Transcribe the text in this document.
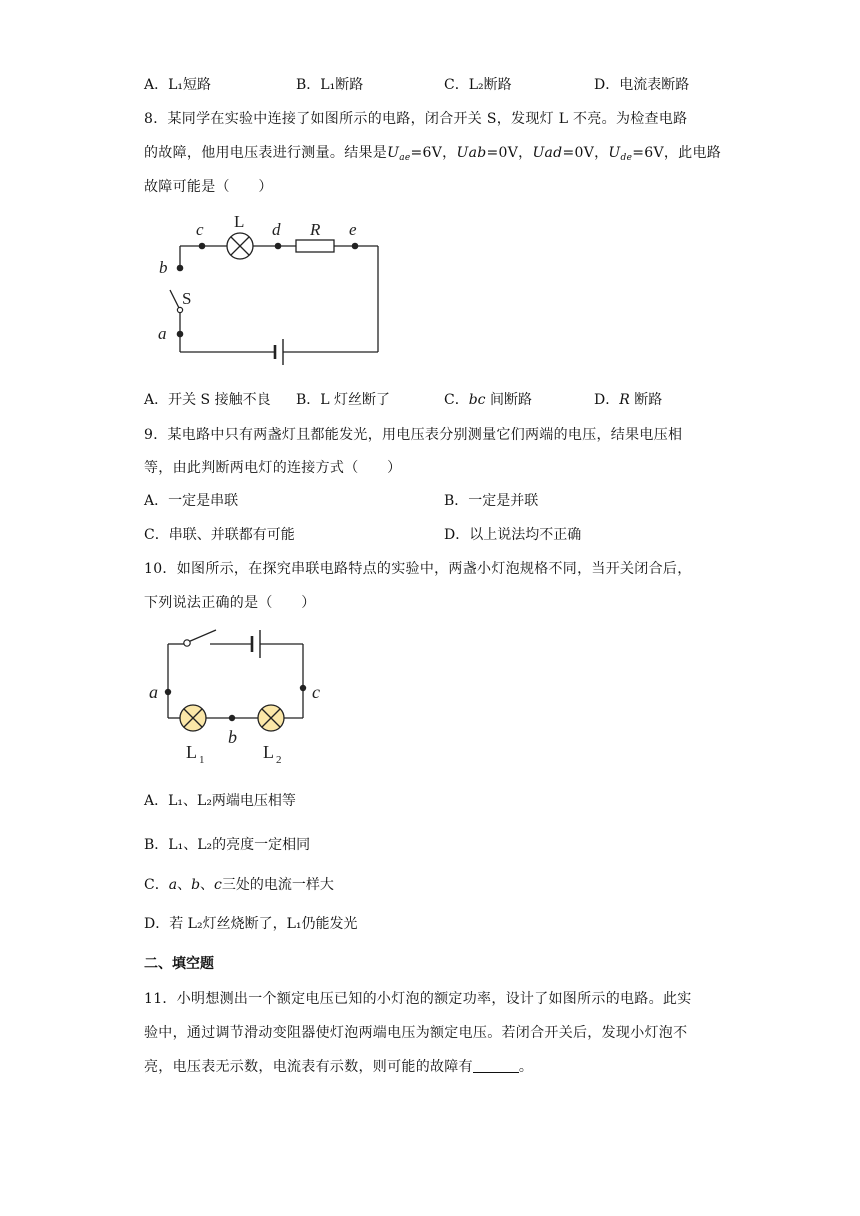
A．L₁短路	B．L₁断路	C．L₂断路	D．电流表断路
8．某同学在实验中连接了如图所示的电路，闭合开关 S，发现灯 L 不亮。为检查电路
的故障，他用电压表进行测量。结果是$U_{ae}=6V$，Uab=0V，Uad=0V，$U_{de}=6V$，此电路
故障可能是（　　）
c L d R e
b
S
a
A．开关 S 接触不良 B．L 灯丝断了	C．bc 间断路	D．R 断路
9．某电路中只有两盏灯且都能发光，用电压表分别测量它们两端的电压，结果电压相
等，由此判断两电灯的连接方式（　　）
A．一定是串联	B．一定是并联
C．串联、并联都有可能	D．以上说法均不正确
10．如图所示，在探究串联电路特点的实验中，两盏小灯泡规格不同，当开关闭合后，
下列说法正确的是（　　）
a
b
c
L 1	L 2
A．L₁、L₂两端电压相等
B．L₁、L₂的亮度一定相同
C．a、b、c三处的电流一样大
D．若 L₂灯丝烧断了，L₁仍能发光
二、填空题
11．小明想测出一个额定电压已知的小灯泡的额定功率，设计了如图所示的电路。此实
验中，通过调节滑动变阻器使灯泡两端电压为额定电压。若闭合开关后，发现小灯泡不
亮，电压表无示数，电流表有示数，则可能的故障有	。
